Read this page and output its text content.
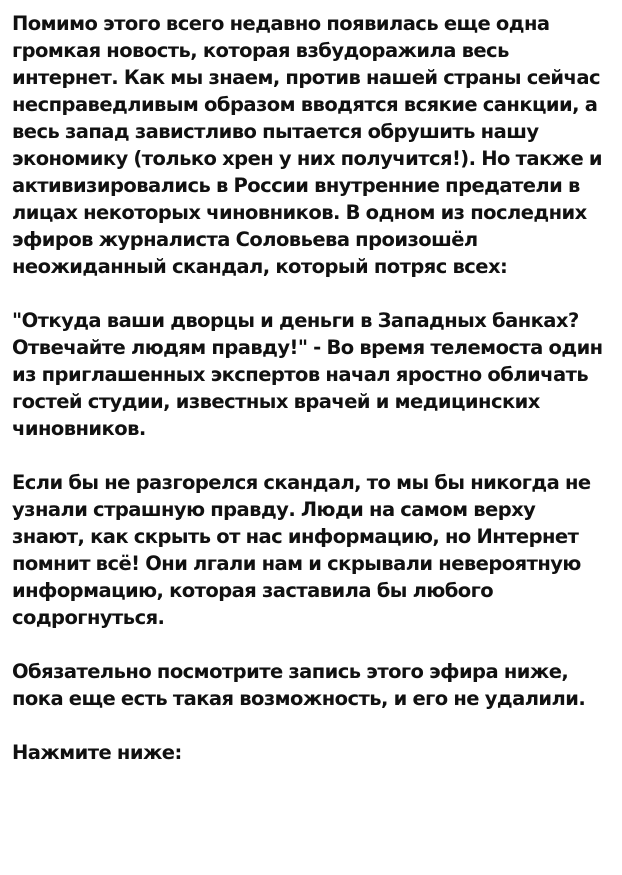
Помимо этого всего недавно появилась еще одна громкая новость, которая взбудоражила весь интернет. Как мы знаем, против нашей страны сейчас несправедливым образом вводятся всякие санкции, а весь запад завистливо пытается обрушить нашу экономику (только хрен у них получится!). Но также и активизировались в России внутренние предатели в лицах некоторых чиновников. В одном из последних эфиров журналиста Соловьева произошёл неожиданный скандал, который потряс всех:

"Откуда ваши дворцы и деньги в Западных банках? Отвечайте людям правду!" - Во время телемоста один из приглашенных экспертов начал яростно обличать гостей студии, известных врачей и медицинских чиновников.

Если бы не разгорелся скандал, то мы бы никогда не узнали страшную правду. Люди на самом верху знают, как скрыть от нас информацию, но Интернет помнит всё! Они лгали нам и скрывали невероятную информацию, которая заставила бы любого содрогнуться.

Обязательно посмотрите запись этого эфира ниже, пока еще есть такая возможность, и его не удалили.

Нажмите ниже:
